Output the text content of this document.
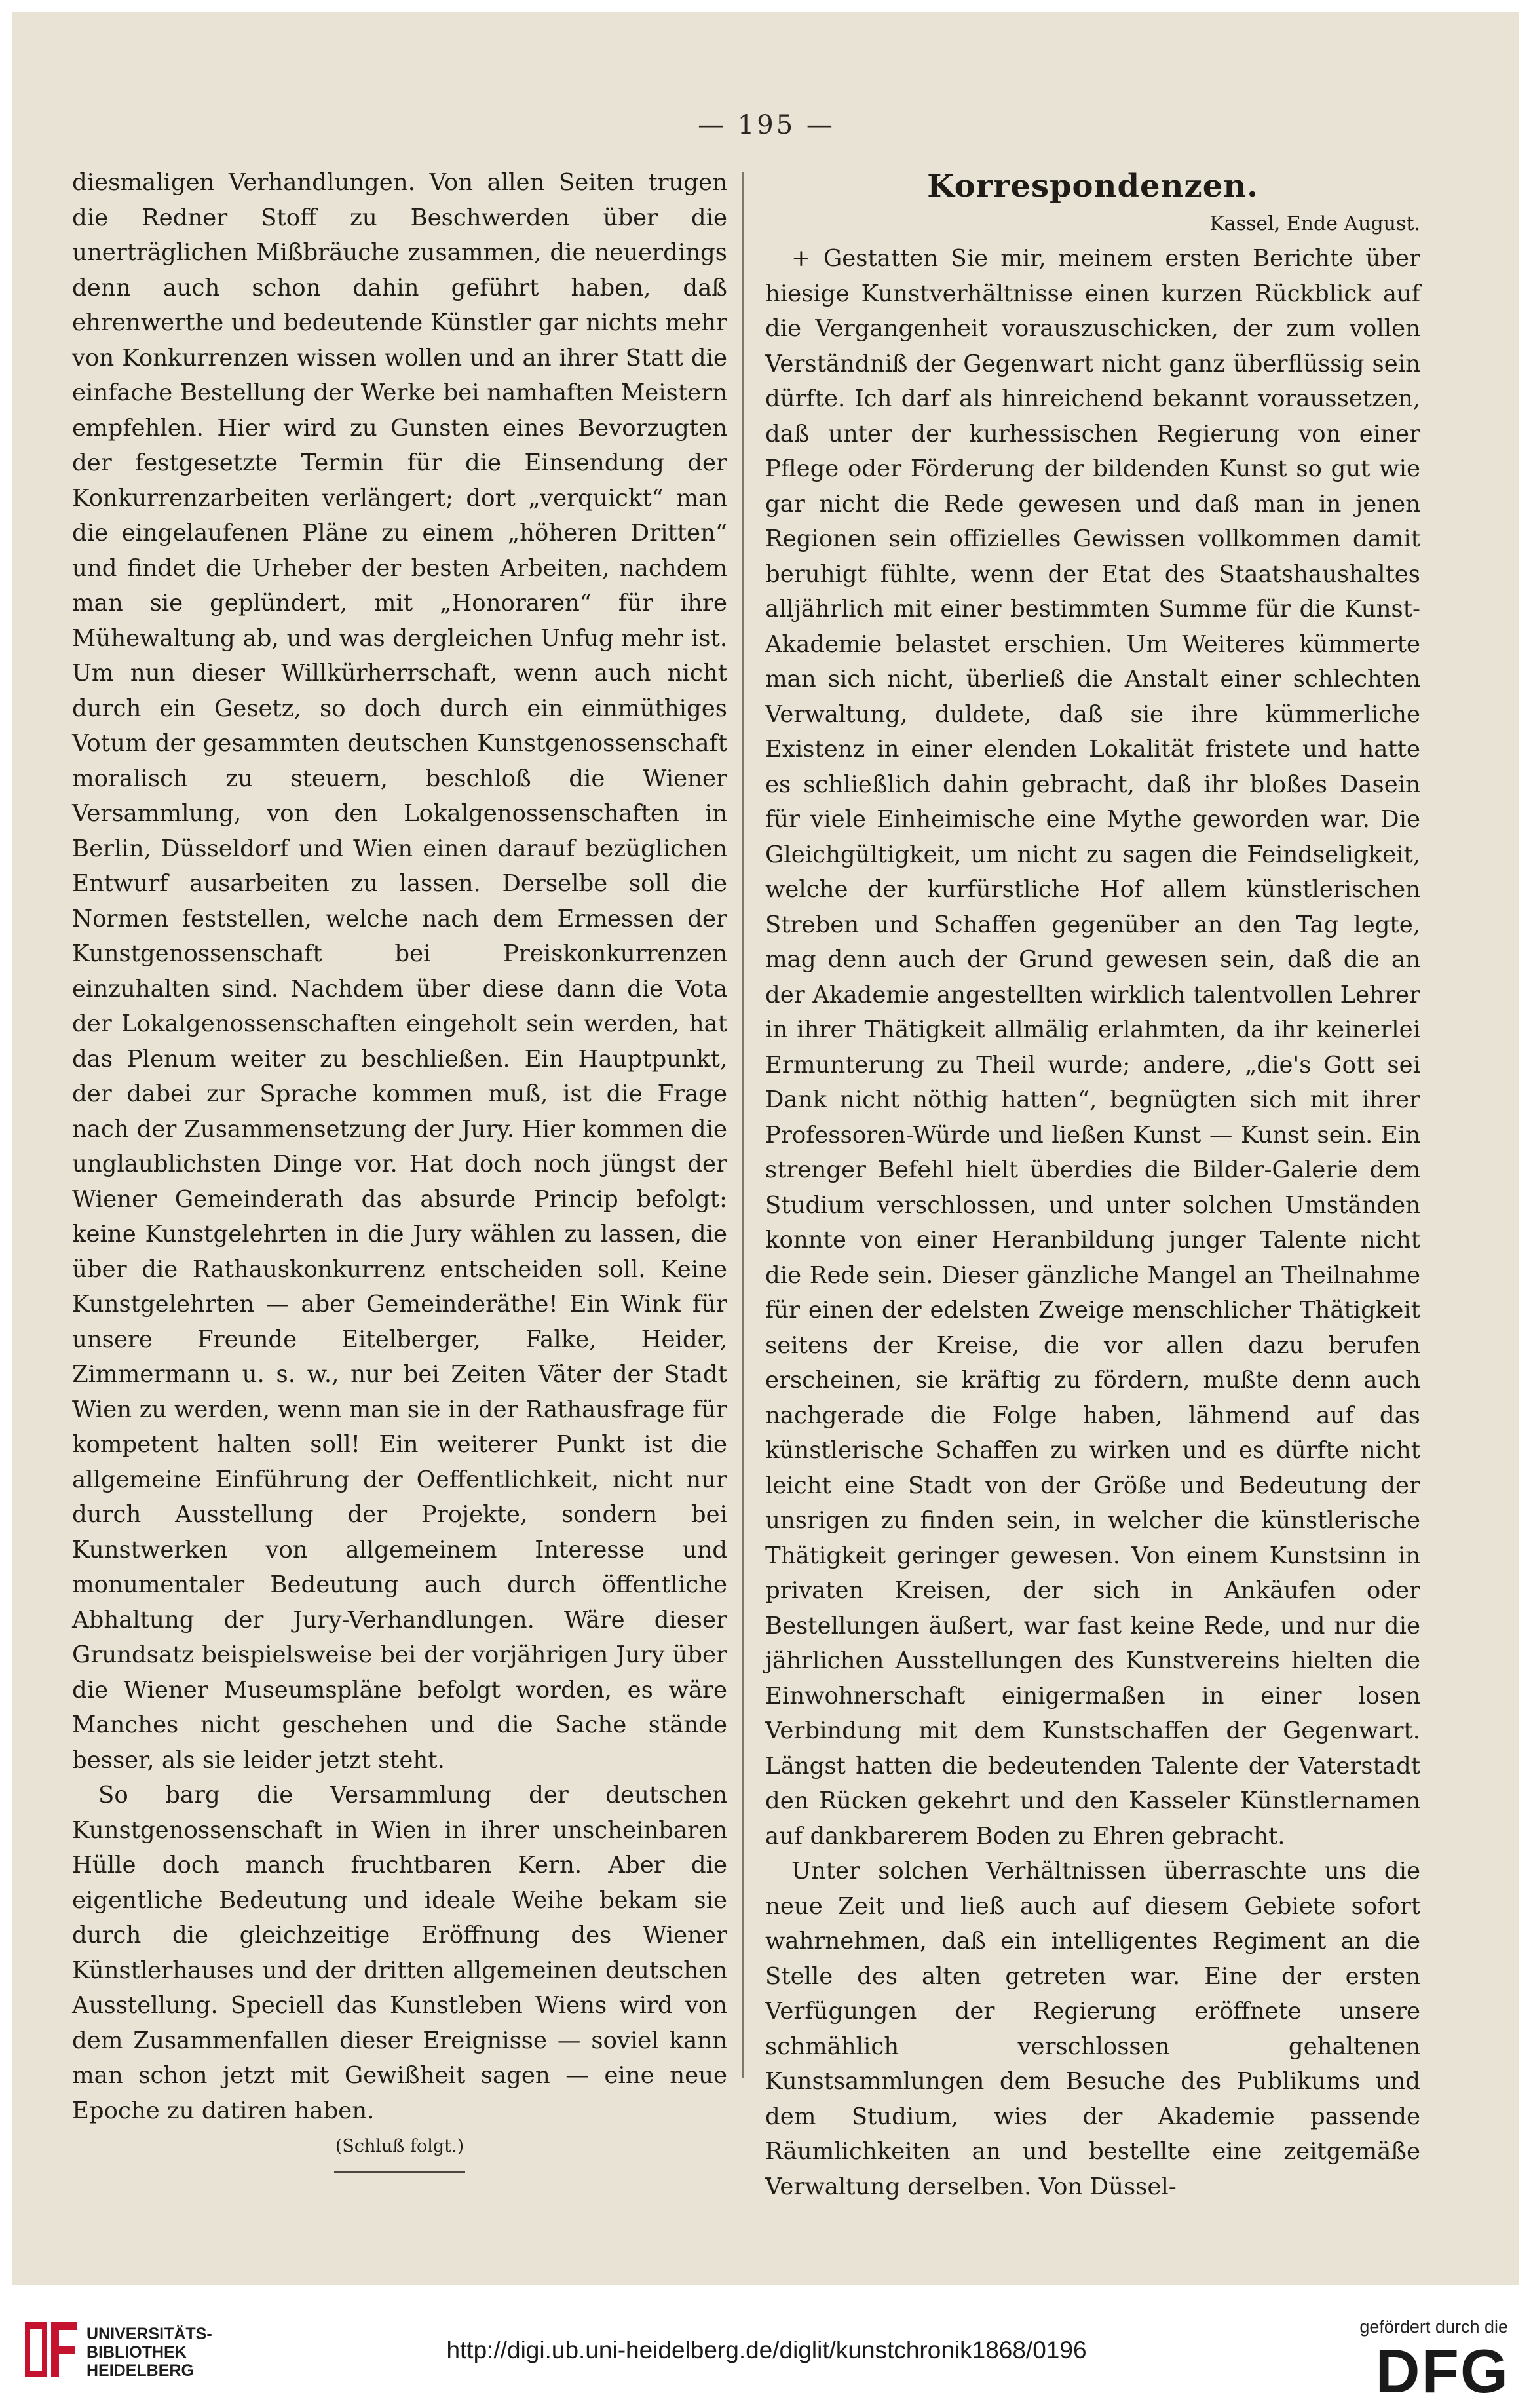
— 195 —

diesmaligen Verhandlungen. Von allen Seiten trugen die Redner Stoff zu Beschwerden über die unerträglichen Mißbräuche zusammen, die neuerdings denn auch schon dahin geführt haben, daß ehrenwerthe und bedeutende Künstler gar nichts mehr von Konkurrenzen wissen wollen und an ihrer Statt die einfache Bestellung der Werke bei namhaften Meistern empfehlen. Hier wird zu Gunsten eines Bevorzugten der festgesetzte Termin für die Einsendung der Konkurrenzarbeiten verlängert; dort „verquickt“ man die eingelaufenen Pläne zu einem „höheren Dritten“ und findet die Urheber der besten Arbeiten, nachdem man sie geplündert, mit „Honoraren“ für ihre Mühewaltung ab, und was dergleichen Unfug mehr ist. Um nun dieser Willkürherrschaft, wenn auch nicht durch ein Gesetz, so doch durch ein einmüthiges Votum der gesammten deutschen Kunstgenossenschaft moralisch zu steuern, beschloß die Wiener Versammlung, von den Lokalgenossenschaften in Berlin, Düsseldorf und Wien einen darauf bezüglichen Entwurf ausarbeiten zu lassen. Derselbe soll die Normen feststellen, welche nach dem Ermessen der Kunstgenossenschaft bei Preiskonkurrenzen einzuhalten sind. Nachdem über diese dann die Vota der Lokalgenossenschaften eingeholt sein werden, hat das Plenum weiter zu beschließen. Ein Hauptpunkt, der dabei zur Sprache kommen muß, ist die Frage nach der Zusammensetzung der Jury. Hier kommen die unglaublichsten Dinge vor. Hat doch noch jüngst der Wiener Gemeinderath das absurde Princip befolgt: keine Kunstgelehrten in die Jury wählen zu lassen, die über die Rathauskonkurrenz entscheiden soll. Keine Kunstgelehrten — aber Gemeinderäthe! Ein Wink für unsere Freunde Eitelberger, Falke, Heider, Zimmermann u. s. w., nur bei Zeiten Väter der Stadt Wien zu werden, wenn man sie in der Rathausfrage für kompetent halten soll! Ein weiterer Punkt ist die allgemeine Einführung der Oeffentlichkeit, nicht nur durch Ausstellung der Projekte, sondern bei Kunstwerken von allgemeinem Interesse und monumentaler Bedeutung auch durch öffentliche Abhaltung der Jury-Verhandlungen. Wäre dieser Grundsatz beispielsweise bei der vorjährigen Jury über die Wiener Museumspläne befolgt worden, es wäre Manches nicht geschehen und die Sache stände besser, als sie leider jetzt steht.

So barg die Versammlung der deutschen Kunstgenossenschaft in Wien in ihrer unscheinbaren Hülle doch manch fruchtbaren Kern. Aber die eigentliche Bedeutung und ideale Weihe bekam sie durch die gleichzeitige Eröffnung des Wiener Künstlerhauses und der dritten allgemeinen deutschen Ausstellung. Speciell das Kunstleben Wiens wird von dem Zusammenfallen dieser Ereignisse — soviel kann man schon jetzt mit Gewißheit sagen — eine neue Epoche zu datiren haben.

(Schluß folgt.)
Korrespondenzen.
Kassel, Ende August.

+ Gestatten Sie mir, meinem ersten Berichte über hiesige Kunstverhältnisse einen kurzen Rückblick auf die Vergangenheit vorauszuschicken, der zum vollen Verständniß der Gegenwart nicht ganz überflüssig sein dürfte. Ich darf als hinreichend bekannt voraussetzen, daß unter der kurhessischen Regierung von einer Pflege oder Förderung der bildenden Kunst so gut wie gar nicht die Rede gewesen und daß man in jenen Regionen sein offizielles Gewissen vollkommen damit beruhigt fühlte, wenn der Etat des Staatshaushaltes alljährlich mit einer bestimmten Summe für die Kunst-Akademie belastet erschien. Um Weiteres kümmerte man sich nicht, überließ die Anstalt einer schlechten Verwaltung, duldete, daß sie ihre kümmerliche Existenz in einer elenden Lokalität fristete und hatte es schließlich dahin gebracht, daß ihr bloßes Dasein für viele Einheimische eine Mythe geworden war. Die Gleichgültigkeit, um nicht zu sagen die Feindseligkeit, welche der kurfürstliche Hof allem künstlerischen Streben und Schaffen gegenüber an den Tag legte, mag denn auch der Grund gewesen sein, daß die an der Akademie angestellten wirklich talentvollen Lehrer in ihrer Thätigkeit allmälig erlahmten, da ihr keinerlei Ermunterung zu Theil wurde; andere, „die's Gott sei Dank nicht nöthig hatten“, begnügten sich mit ihrer Professoren-Würde und ließen Kunst — Kunst sein. Ein strenger Befehl hielt überdies die Bilder-Galerie dem Studium verschlossen, und unter solchen Umständen konnte von einer Heranbildung junger Talente nicht die Rede sein. Dieser gänzliche Mangel an Theilnahme für einen der edelsten Zweige menschlicher Thätigkeit seitens der Kreise, die vor allen dazu berufen erscheinen, sie kräftig zu fördern, mußte denn auch nachgerade die Folge haben, lähmend auf das künstlerische Schaffen zu wirken und es dürfte nicht leicht eine Stadt von der Größe und Bedeutung der unsrigen zu finden sein, in welcher die künstlerische Thätigkeit geringer gewesen. Von einem Kunstsinn in privaten Kreisen, der sich in Ankäufen oder Bestellungen äußert, war fast keine Rede, und nur die jährlichen Ausstellungen des Kunstvereins hielten die Einwohnerschaft einigermaßen in einer losen Verbindung mit dem Kunstschaffen der Gegenwart. Längst hatten die bedeutenden Talente der Vaterstadt den Rücken gekehrt und den Kasseler Künstlernamen auf dankbarerem Boden zu Ehren gebracht.

Unter solchen Verhältnissen überraschte uns die neue Zeit und ließ auch auf diesem Gebiete sofort wahrnehmen, daß ein intelligentes Regiment an die Stelle des alten getreten war. Eine der ersten Verfügungen der Regierung eröffnete unsere schmählich verschlossen gehaltenen Kunstsammlungen dem Besuche des Publikums und dem Studium, wies der Akademie passende Räumlichkeiten an und bestellte eine zeitgemäße Verwaltung derselben. Von Düssel-

UNIVERSITÄTS-
BIBLIOTHEK
HEIDELBERG
http://digi.ub.uni-heidelberg.de/diglit/kunstchronik1868/0196
gefördert durch die
DFG
